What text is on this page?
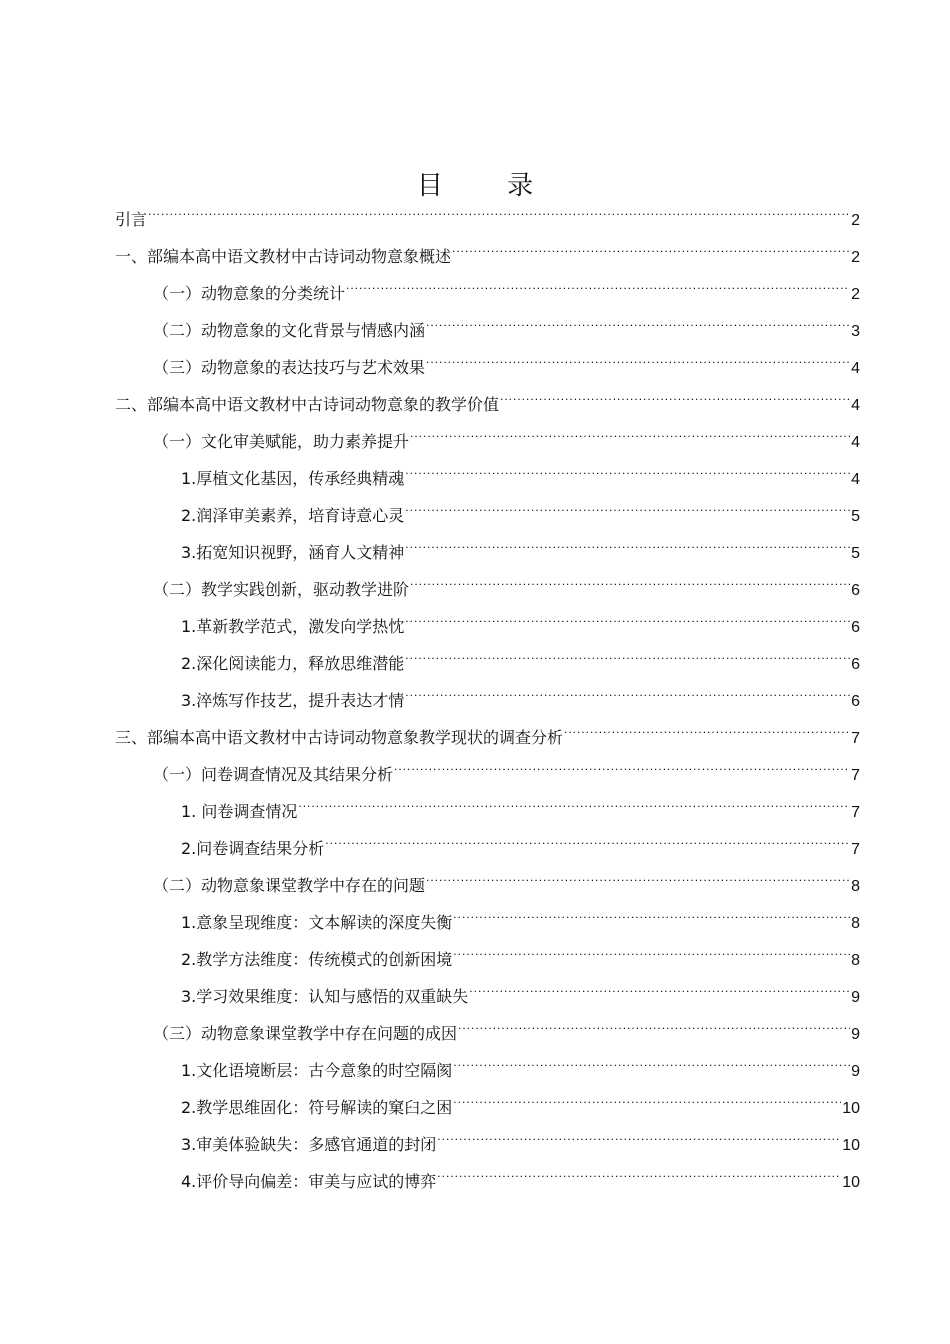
目 录
引言 .....	2
一、部编本高中语文教材中古诗词动物意象概述 .....	2
（一）动物意象的分类统计 .....	2
（二）动物意象的文化背景与情感内涵 .....	3
（三）动物意象的表达技巧与艺术效果 .....	4
二、部编本高中语文教材中古诗词动物意象的教学价值 .....	4
（一）文化审美赋能，助力素养提升 .....	4
1.厚植文化基因，传承经典精魂 .....	4
2.润泽审美素养，培育诗意心灵 .....	5
3.拓宽知识视野，涵育人文精神 .....	5
（二）教学实践创新，驱动教学进阶 .....	6
1.革新教学范式，激发向学热忱 .....	6
2.深化阅读能力，释放思维潜能 .....	6
3.淬炼写作技艺，提升表达才情 .....	6
三、部编本高中语文教材中古诗词动物意象教学现状的调查分析 .....	7
（一）问卷调查情况及其结果分析 .....	7
1. 问卷调查情况 .....	7
2.问卷调查结果分析 .....	7
（二）动物意象课堂教学中存在的问题 .....	8
1.意象呈现维度：文本解读的深度失衡 .....	8
2.教学方法维度：传统模式的创新困境 .....	8
3.学习效果维度：认知与感悟的双重缺失 .....	9
（三）动物意象课堂教学中存在问题的成因 .....	9
1.文化语境断层：古今意象的时空隔阂 .....	9
2.教学思维固化：符号解读的窠臼之困 .....	10
3.审美体验缺失：多感官通道的封闭 .....	10
4.评价导向偏差：审美与应试的博弈 .....	10
